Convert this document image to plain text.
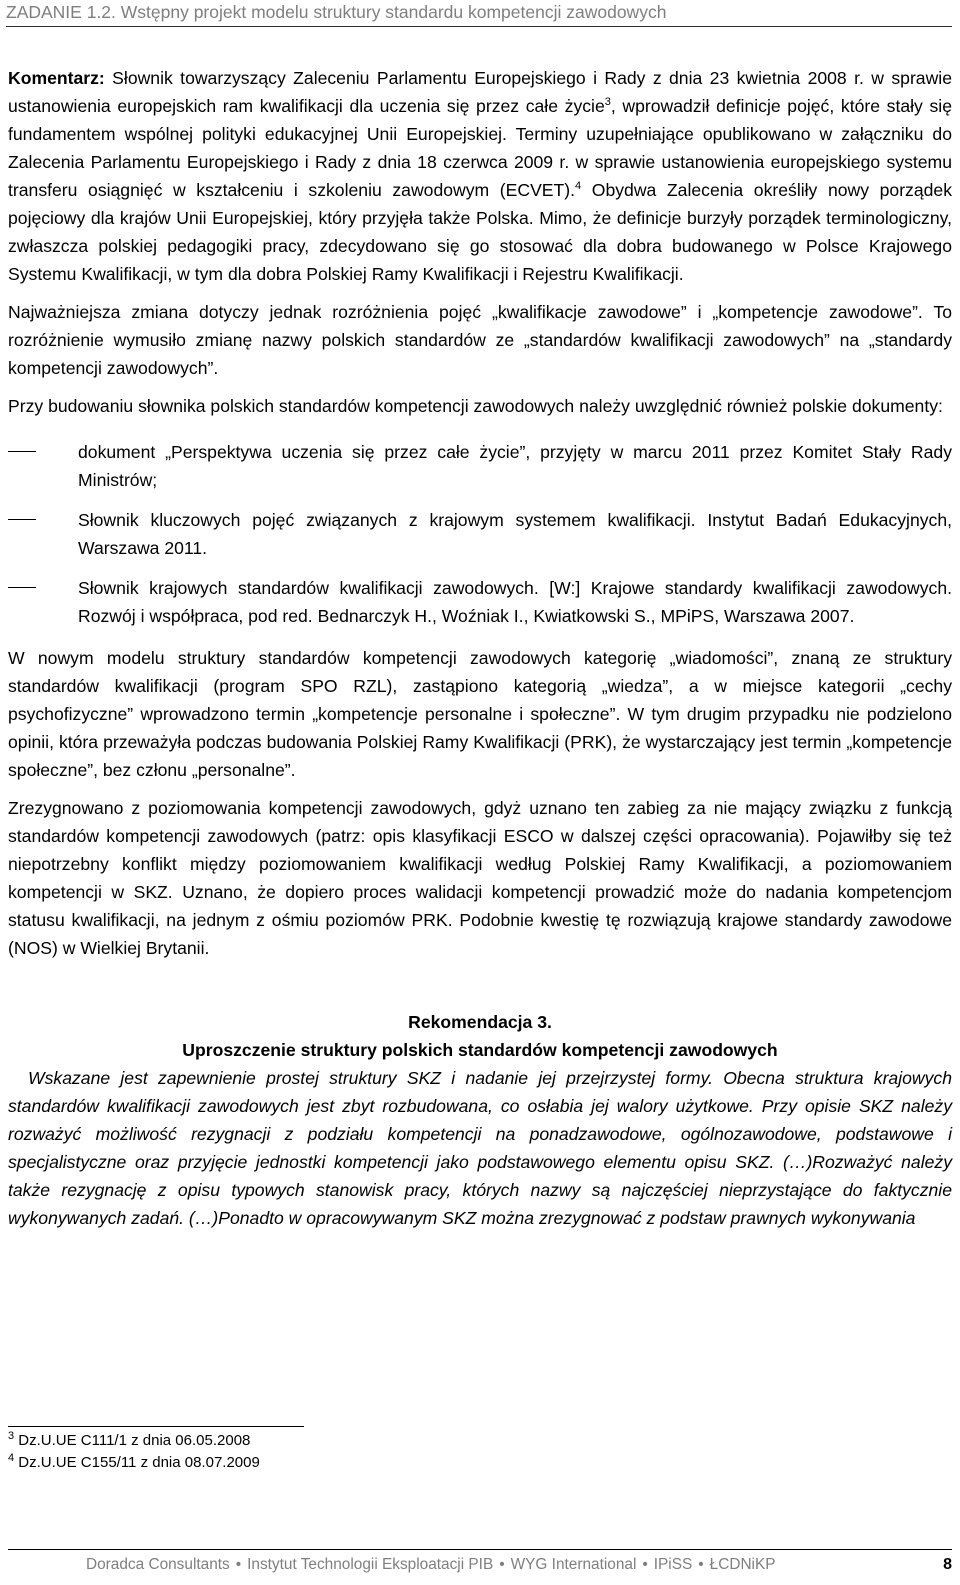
ZADANIE 1.2. Wstępny projekt modelu struktury standardu kompetencji zawodowych

Komentarz: Słownik towarzyszący Zaleceniu Parlamentu Europejskiego i Rady z dnia 23 kwietnia 2008 r. w sprawie ustanowienia europejskich ram kwalifikacji dla uczenia się przez całe życie$^3$, wprowadził definicje pojęć, które stały się fundamentem wspólnej polityki edukacyjnej Unii Europejskiej. Terminy uzupełniające opublikowano w załączniku do Zalecenia Parlamentu Europejskiego i Rady z dnia 18 czerwca 2009 r. w sprawie ustanowienia europejskiego systemu transferu osiągnięć w kształceniu i szkoleniu zawodowym (ECVET).$^4$ Obydwa Zalecenia określiły nowy porządek pojęciowy dla krajów Unii Europejskiej, który przyjęła także Polska. Mimo, że definicje burzyły porządek terminologiczny, zwłaszcza polskiej pedagogiki pracy, zdecydowano się go stosować dla dobra budowanego w Polsce Krajowego Systemu Kwalifikacji, w tym dla dobra Polskiej Ramy Kwalifikacji i Rejestru Kwalifikacji.

Najważniejsza zmiana dotyczy jednak rozróżnienia pojęć „kwalifikacje zawodowe” i „kompetencje zawodowe”. To rozróżnienie wymusiło zmianę nazwy polskich standardów ze „standardów kwalifikacji zawodowych” na „standardy kompetencji zawodowych”.

Przy budowaniu słownika polskich standardów kompetencji zawodowych należy uwzględnić również polskie dokumenty:

dokument „Perspektywa uczenia się przez całe życie”, przyjęty w marcu 2011 przez Komitet Stały Rady Ministrów;
Słownik kluczowych pojęć związanych z krajowym systemem kwalifikacji. Instytut Badań Edukacyjnych, Warszawa 2011.
Słownik krajowych standardów kwalifikacji zawodowych. [W:] Krajowe standardy kwalifikacji zawodowych. Rozwój i współpraca, pod red. Bednarczyk H., Woźniak I., Kwiatkowski S., MPiPS, Warszawa 2007.

W nowym modelu struktury standardów kompetencji zawodowych kategorię „wiadomości”, znaną ze struktury standardów kwalifikacji (program SPO RZL), zastąpiono kategorią „wiedza”, a w miejsce kategorii „cechy psychofizyczne” wprowadzono termin „kompetencje personalne i społeczne”. W tym drugim przypadku nie podzielono opinii, która przeważyła podczas budowania Polskiej Ramy Kwalifikacji (PRK), że wystarczający jest termin „kompetencje społeczne”, bez członu „personalne”.

Zrezygnowano z poziomowania kompetencji zawodowych, gdyż uznano ten zabieg za nie mający związku z funkcją standardów kompetencji zawodowych (patrz: opis klasyfikacji ESCO w dalszej części opracowania). Pojawiłby się też niepotrzebny konflikt między poziomowaniem kwalifikacji według Polskiej Ramy Kwalifikacji, a poziomowaniem kompetencji w SKZ. Uznano, że dopiero proces walidacji kompetencji prowadzić może do nadania kompetencjom statusu kwalifikacji, na jednym z ośmiu poziomów PRK. Podobnie kwestię tę rozwiązują krajowe standardy zawodowe (NOS) w Wielkiej Brytanii.

Rekomendacja 3.
Uproszczenie struktury polskich standardów kompetencji zawodowych

Wskazane jest zapewnienie prostej struktury SKZ i nadanie jej przejrzystej formy. Obecna struktura krajowych standardów kwalifikacji zawodowych jest zbyt rozbudowana, co osłabia jej walory użytkowe. Przy opisie SKZ należy rozważyć możliwość rezygnacji z podziału kompetencji na ponadzawodowe, ogólnozawodowe, podstawowe i specjalistyczne oraz przyjęcie jednostki kompetencji jako podstawowego elementu opisu SKZ. (…)Rozważyć należy także rezygnację z opisu typowych stanowisk pracy, których nazwy są najczęściej nieprzystające do faktycznie wykonywanych zadań. (…)Ponadto w opracowywanym SKZ można zrezygnować z podstaw prawnych wykonywania

$^3$ Dz.U.UE C111/1 z dnia 06.05.2008
$^4$ Dz.U.UE C155/11 z dnia 08.07.2009
Doradca Consultants • Instytut Technologii Eksploatacji PIB • WYG International • IPiSS • ŁCDNiKP	8
